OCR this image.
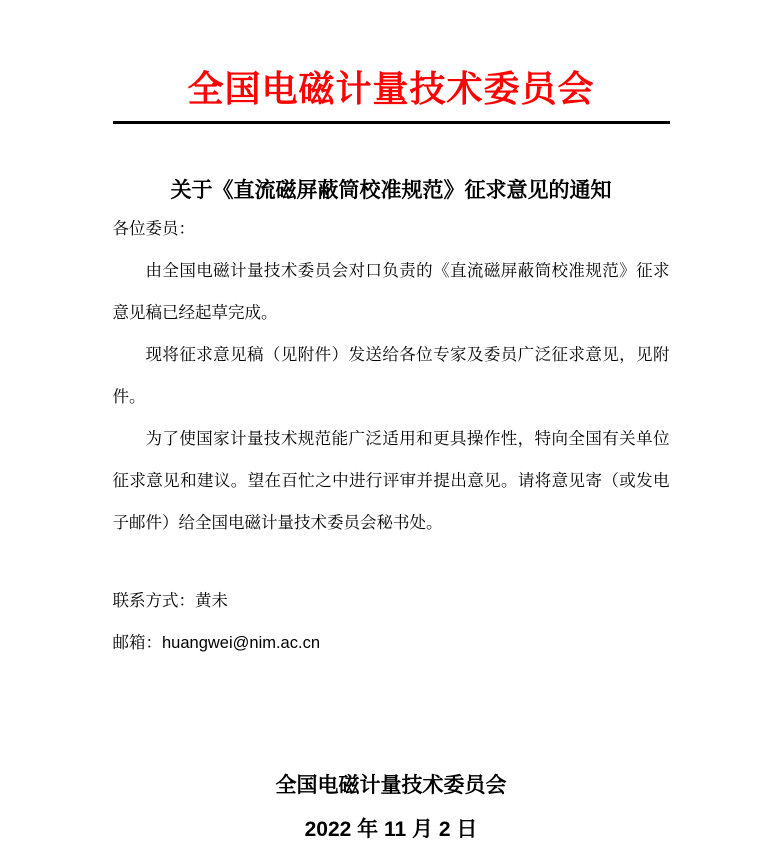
全国电磁计量技术委员会
关于《直流磁屏蔽筒校准规范》征求意见的通知

各位委员：

由全国电磁计量技术委员会对口负责的《直流磁屏蔽筒校准规范》征求意见稿已经起草完成。

现将征求意见稿（见附件）发送给各位专家及委员广泛征求意见，见附件。

为了使国家计量技术规范能广泛适用和更具操作性，特向全国有关单位征求意见和建议。望在百忙之中进行评审并提出意见。请将意见寄（或发电子邮件）给全国电磁计量技术委员会秘书处。

联系方式：黄未

邮箱：huangwei@nim.ac.cn

全国电磁计量技术委员会
2022 年 11 月 2 日
